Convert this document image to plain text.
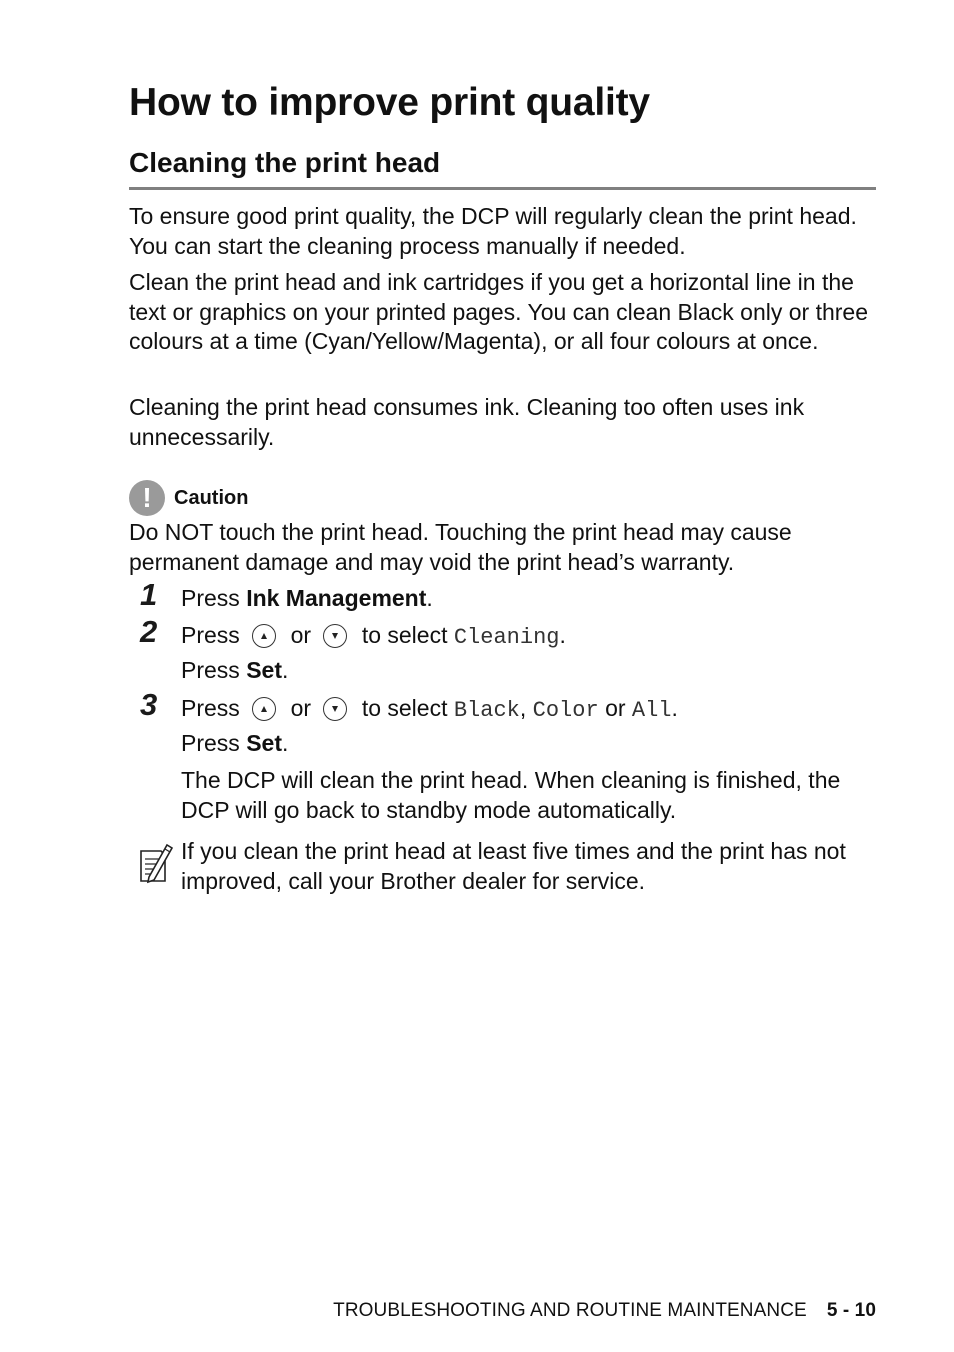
How to improve print quality
Cleaning the print head

To ensure good print quality, the DCP will regularly clean the print head. You can start the cleaning process manually if needed.

Clean the print head and ink cartridges if you get a horizontal line in the text or graphics on your printed pages. You can clean Black only or three colours at a time (Cyan/Yellow/Magenta), or all four colours at once.

Cleaning the print head consumes ink. Cleaning too often uses ink unnecessarily.

!	Caution

Do NOT touch the print head. Touching the print head may cause permanent damage and may void the print head’s warranty.

1 Press Ink Management.
2 Press or to select Cleaning.
Press Set.
3 Press or to select Black, Color or All.
Press Set.

The DCP will clean the print head. When cleaning is finished, the DCP will go back to standby mode automatically.

If you clean the print head at least five times and the print has not improved, call your Brother dealer for service.

TROUBLESHOOTING AND ROUTINE MAINTENANCE 5 - 10
